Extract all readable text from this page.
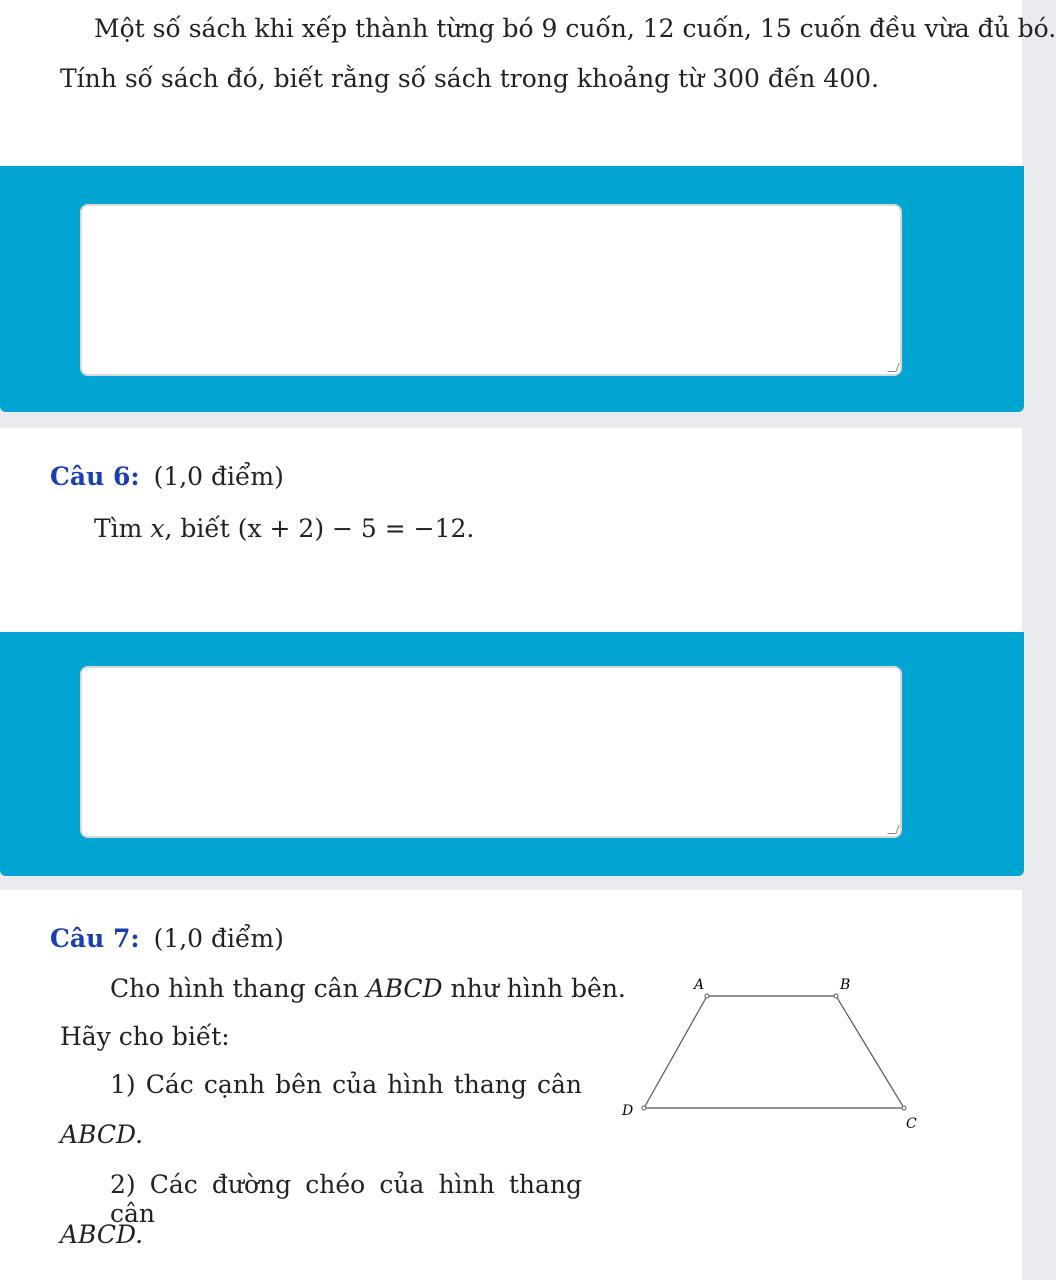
Một số sách khi xếp thành từng bó 9 cuốn, 12 cuốn, 15 cuốn đều vừa đủ bó.
Tính số sách đó, biết rằng số sách trong khoảng từ 300 đến 400.
Câu 6: (1,0 điểm)
Tìm x, biết (x + 2) − 5 = −12.
Câu 7: (1,0 điểm)
Cho hình thang cân ABCD như hình bên.
Hãy cho biết:
1) Các cạnh bên của hình thang cân
ABCD.
2) Các đường chéo của hình thang cân
ABCD.
A	B
C
D
